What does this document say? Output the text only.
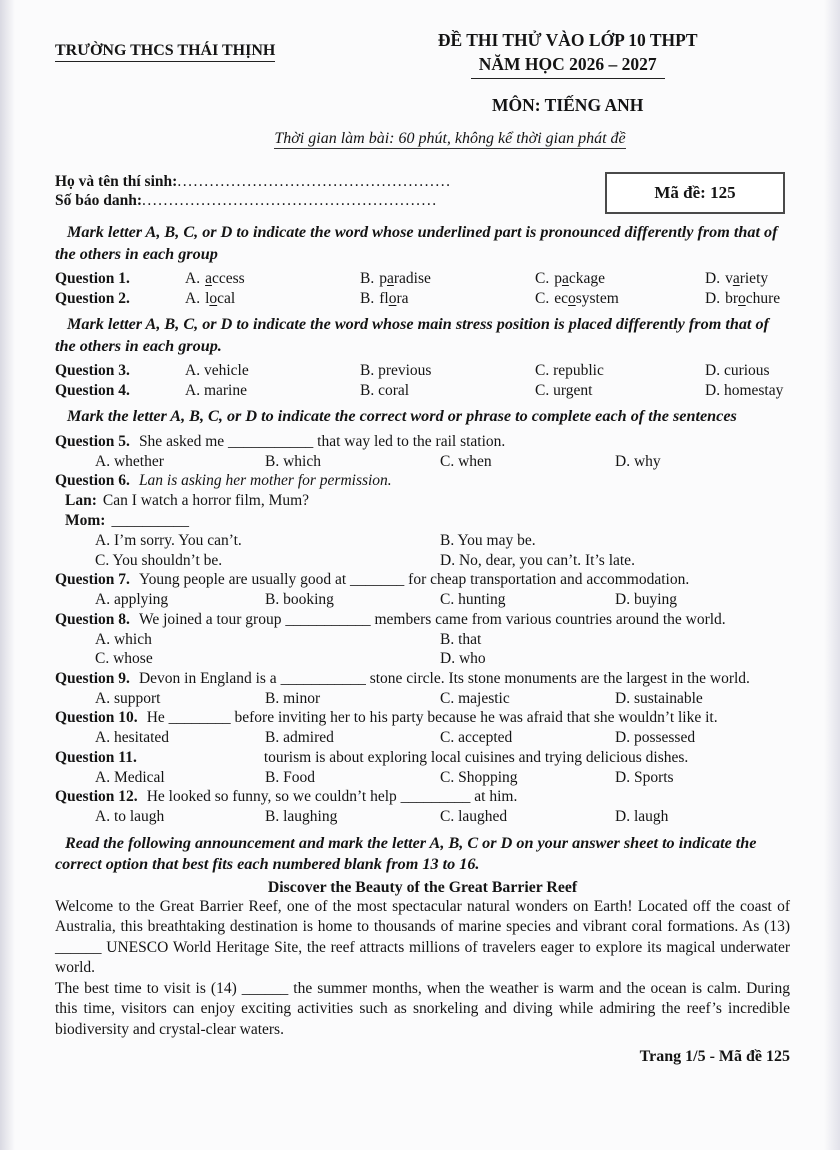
TRƯỜNG THCS THÁI THỊNH
ĐỀ THI THỬ VÀO LỚP 10 THPT
NĂM HỌC 2026 – 2027
MÔN: TIẾNG ANH
Thời gian làm bài: 60 phút, không kể thời gian phát đề
Họ và tên thí sinh:...................................................
Số báo danh:.......................................................	Mã đề: 125
Mark letter A, B, C, or D to indicate the word whose underlined part is pronounced differently from that of the others in each group
Question 1.	A. access	B. paradise	C. package	D. variety
Question 2.	A. local	B. flora	C. ecosystem	D. brochure
Mark letter A, B, C, or D to indicate the word whose main stress position is placed differently from that of the others in each group.
Question 3.	A. vehicle	B. previous	C. republic	D. curious
Question 4.	A. marine	B. coral	C. urgent	D. homestay
Mark the letter A, B, C, or D to indicate the correct word or phrase to complete each of the sentences
Question 5. She asked me ___________ that way led to the rail station.
A. whether	B. which	C. when	D. why
Question 6. Lan is asking her mother for permission.
Lan: Can I watch a horror film, Mum?
Mom: __________
A. I’m sorry. You can’t.	B. You may be.
C. You shouldn’t be.	D. No, dear, you can’t. It’s late.
Question 7. Young people are usually good at _______ for cheap transportation and accommodation.
A. applying	B. booking	C. hunting	D. buying
Question 8. We joined a tour group ___________ members came from various countries around the world.
A. which	B. that
C. whose	D. who
Question 9. Devon in England is a ___________ stone circle. Its stone monuments are the largest in the world.
A. support	B. minor	C. majestic	D. sustainable
Question 10. He ________ before inviting her to his party because he was afraid that she wouldn’t like it.
A. hesitated	B. admired	C. accepted	D. possessed
Question 11.	tourism is about exploring local cuisines and trying delicious dishes.
A. Medical	B. Food	C. Shopping	D. Sports
Question 12. He looked so funny, so we couldn’t help _________ at him.
A. to laugh	B. laughing	C. laughed	D. laugh
Read the following announcement and mark the letter A, B, C or D on your answer sheet to indicate the correct option that best fits each numbered blank from 13 to 16.
Discover the Beauty of the Great Barrier Reef
Welcome to the Great Barrier Reef, one of the most spectacular natural wonders on Earth! Located off the coast of Australia, this breathtaking destination is home to thousands of marine species and vibrant coral formations. As (13) ______ UNESCO World Heritage Site, the reef attracts millions of travelers eager to explore its magical underwater world.
The best time to visit is (14) ______ the summer months, when the weather is warm and the ocean is calm. During this time, visitors can enjoy exciting activities such as snorkeling and diving while admiring the reef’s incredible biodiversity and crystal-clear waters.
Trang 1/5 - Mã đề 125
